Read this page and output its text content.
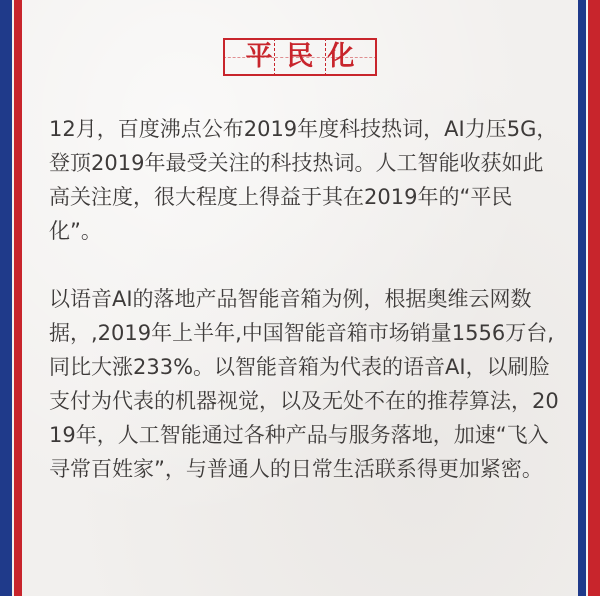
平民化

12月，百度沸点公布2019年度科技热词，AI力压5G，登顶2019年最受关注的科技热词。人工智能收获如此高关注度，很大程度上得益于其在2019年的“平民化”。

以语音AI的落地产品智能音箱为例，根据奥维云网数据，,2019年上半年,中国智能音箱市场销量1556万台,同比大涨233%。以智能音箱为代表的语音AI，以刷脸支付为代表的机器视觉，以及无处不在的推荐算法，2019年，人工智能通过各种产品与服务落地，加速“飞入寻常百姓家”，与普通人的日常生活联系得更加紧密。
